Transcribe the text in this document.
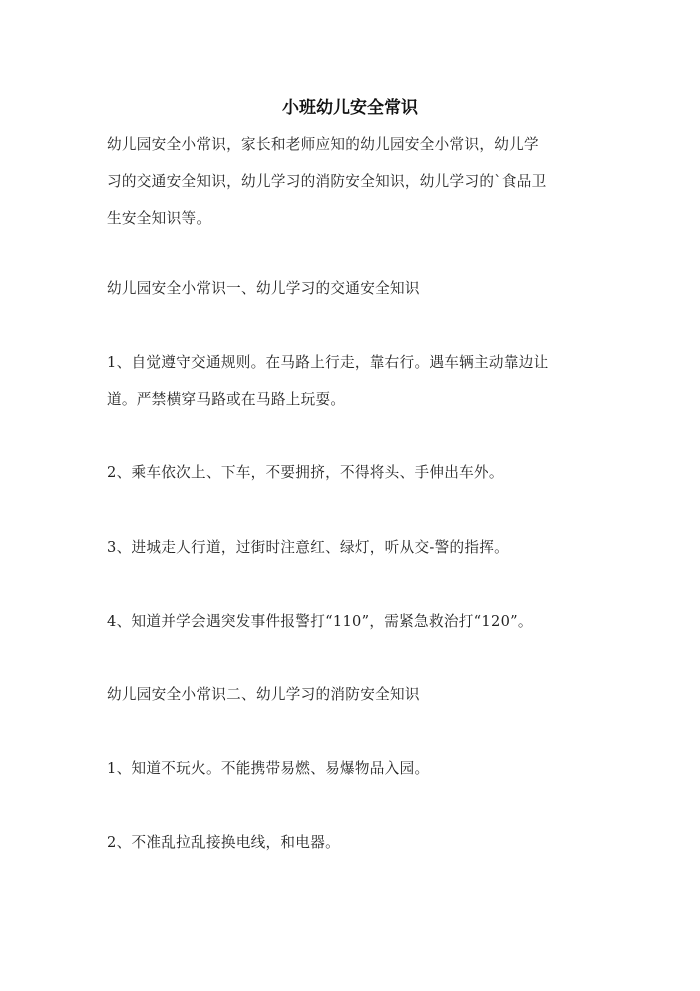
小班幼儿安全常识
幼儿园安全小常识，家长和老师应知的幼儿园安全小常识，幼儿学
习的交通安全知识，幼儿学习的消防安全知识，幼儿学习的`食品卫
生安全知识等。
幼儿园安全小常识一、幼儿学习的交通安全知识
1、自觉遵守交通规则。在马路上行走，靠右行。遇车辆主动靠边让
道。严禁横穿马路或在马路上玩耍。
2、乘车依次上、下车，不要拥挤，不得将头、手伸出车外。
3、进城走人行道，过街时注意红、绿灯，听从交-警的指挥。
4、知道并学会遇突发事件报警打“110”，需紧急救治打“120”。
幼儿园安全小常识二、幼儿学习的消防安全知识
1、知道不玩火。不能携带易燃、易爆物品入园。
2、不准乱拉乱接换电线，和电器。
